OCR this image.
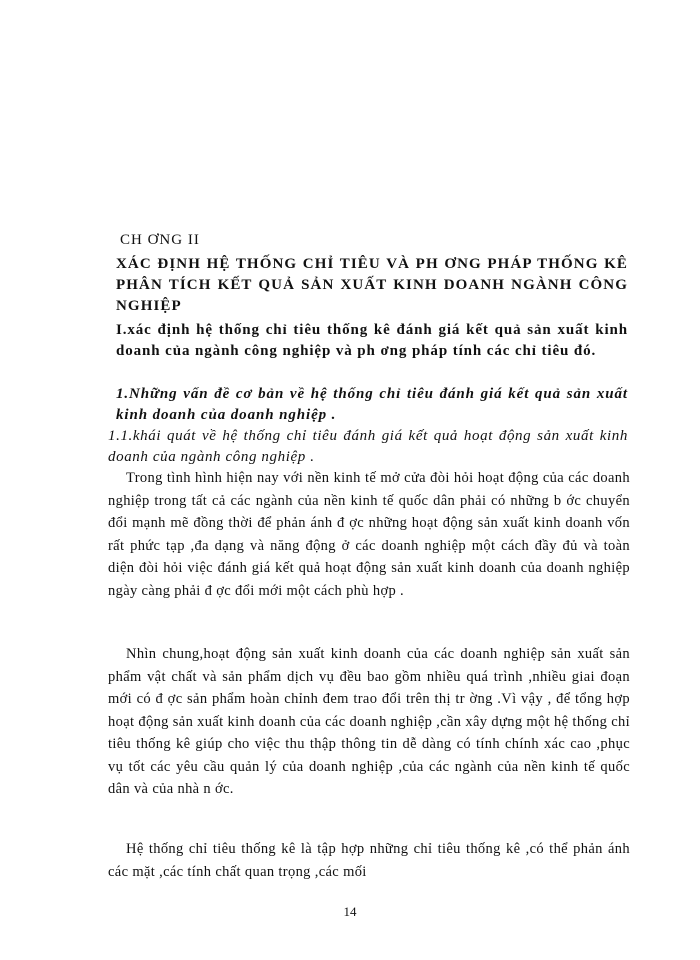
CH ƠNG II
XÁC ĐỊNH HỆ THỐNG CHỈ TIÊU VÀ PH ƠNG PHÁP THỐNG KÊ PHÂN TÍCH KẾT QUẢ SẢN XUẤT KINH DOANH NGÀNH CÔNG NGHIỆP
I.xác định hệ thống chỉ tiêu thống kê đánh giá kết quả sản xuất kinh doanh của ngành công nghiệp và ph ơng pháp tính các chỉ tiêu đó.
1.Những vấn đề cơ bản về hệ thống chỉ tiêu đánh giá kết quả sản xuất kinh doanh của doanh nghiệp .
1.1.khái quát về hệ thống chỉ tiêu đánh giá kết quả hoạt động sản xuất kinh doanh của ngành công nghiệp .
Trong tình hình hiện nay với nền kinh tế mở cửa đòi hỏi hoạt động của các doanh nghiệp trong tất cả các ngành của nền kinh tế quốc dân phải có những b ớc chuyển đổi mạnh mẽ đồng thời để phản ánh đ ợc những hoạt động sản xuất kinh doanh vốn rất phức tạp ,đa dạng và năng động ở các doanh nghiệp một cách đầy đủ và toàn diện đòi hỏi việc đánh giá kết quả hoạt động sản xuất kinh doanh của doanh nghiệp ngày càng phải đ ợc đổi mới một cách phù hợp .
Nhìn chung,hoạt động sản xuất kinh doanh của các doanh nghiệp sản xuất sản phẩm vật chất và sản phẩm dịch vụ đều bao gồm nhiều quá trình ,nhiều giai đoạn mới có đ ợc sản phẩm hoàn chỉnh đem trao đổi trên thị tr ờng .Vì vậy , để tổng hợp hoạt động sản xuất kinh doanh của các doanh nghiệp ,cần xây dựng một hệ thống chỉ tiêu thống kê giúp cho việc thu thập thông tin dễ dàng có tính chính xác cao ,phục vụ tốt các yêu cầu quản lý của doanh nghiệp ,của các ngành của nền kinh tế quốc dân và của nhà n ớc.
Hệ thống chỉ tiêu thống kê là tập hợp những chỉ tiêu thống kê ,có thể phản ánh các mặt ,các tính chất quan trọng ,các mối
14
